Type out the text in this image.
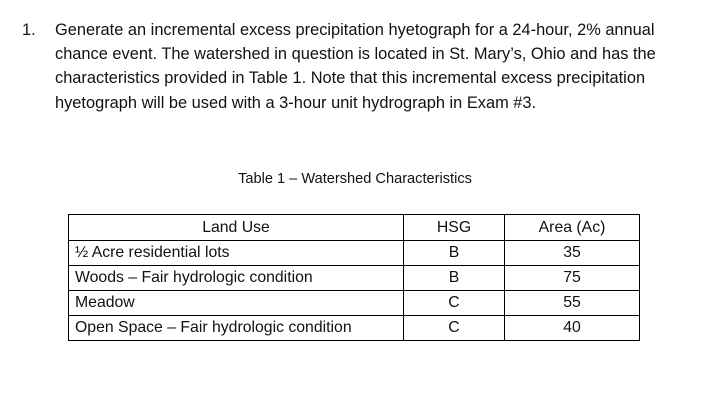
1. Generate an incremental excess precipitation hyetograph for a 24-hour, 2% annual chance event. The watershed in question is located in St. Mary’s, Ohio and has the characteristics provided in Table 1. Note that this incremental excess precipitation hyetograph will be used with a 3-hour unit hydrograph in Exam #3.
Table 1 – Watershed Characteristics
Land Use	HSG	Area (Ac)
½ Acre residential lots	B	35
Woods – Fair hydrologic condition	B	75
Meadow	C	55
Open Space – Fair hydrologic condition	C	40
